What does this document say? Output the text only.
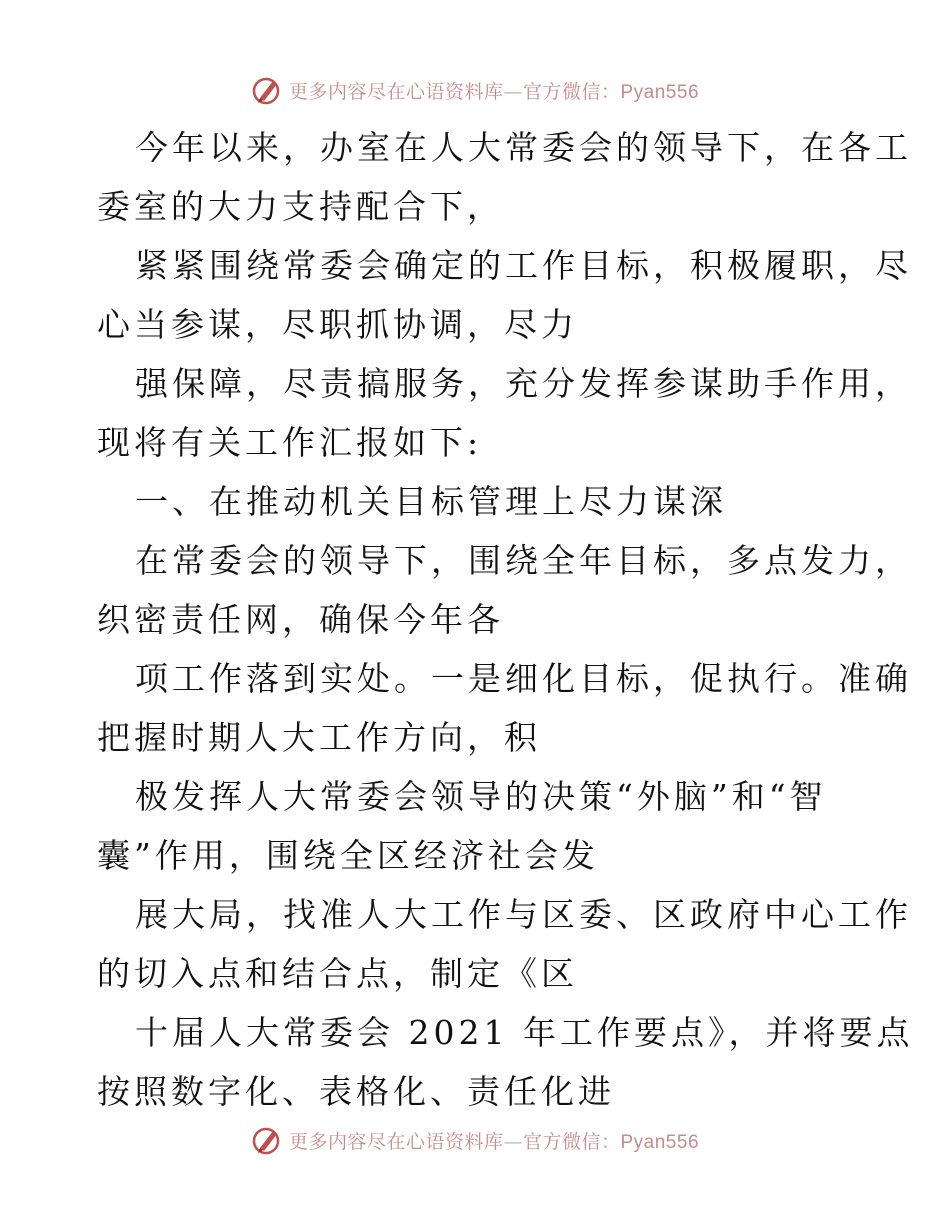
更多内容尽在心语资料库—官方微信：Pyan556

今年以来，办室在人大常委会的领导下，在各工
委室的大力支持配合下，

紧紧围绕常委会确定的工作目标，积极履职，尽
心当参谋，尽职抓协调，尽力

强保障，尽责搞服务，充分发挥参谋助手作用，
现将有关工作汇报如下:

一、在推动机关目标管理上尽力谋深

在常委会的领导下，围绕全年目标，多点发力，
织密责任网，确保今年各

项工作落到实处。一是细化目标，促执行。准确
把握时期人大工作方向，积

极发挥人大常委会领导的决策“外脑”和“智
囊”作用，围绕全区经济社会发

展大局，找准人大工作与区委、区政府中心工作
的切入点和结合点，制定《区

十届人大常委会 2021 年工作要点》，并将要点
按照数字化、表格化、责任化进

更多内容尽在心语资料库—官方微信：Pyan556
